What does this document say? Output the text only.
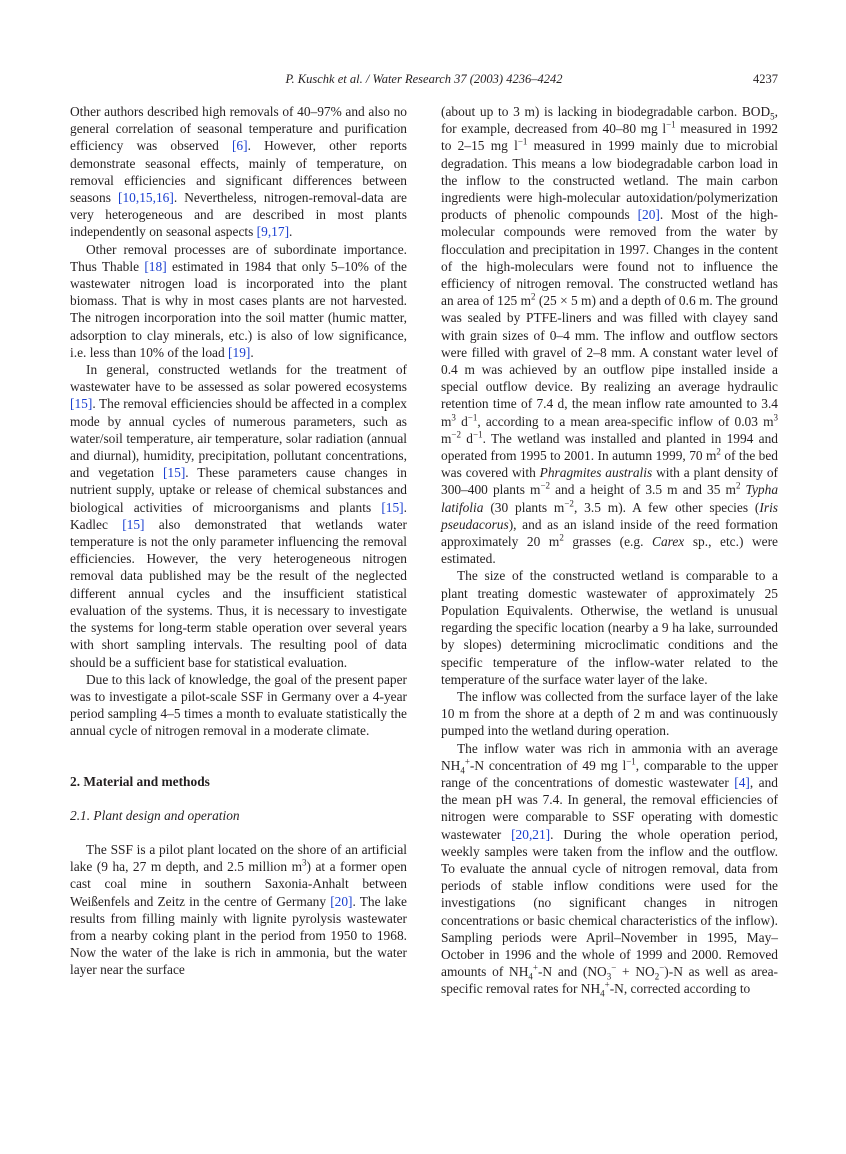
P. Kuschk et al. / Water Research 37 (2003) 4236–4242	4237

Other authors described high removals of 40–97% and also no general correlation of seasonal temperature and purification efficiency was observed [6]. However, other reports demonstrate seasonal effects, mainly of temperature, on removal efficiencies and significant differences between seasons [10,15,16]. Nevertheless, nitrogen-removal-data are very heterogeneous and are described in most plants independently on seasonal aspects [9,17].

Other removal processes are of subordinate importance. Thus Thable [18] estimated in 1984 that only 5–10% of the wastewater nitrogen load is incorporated into the plant biomass. That is why in most cases plants are not harvested. The nitrogen incorporation into the soil matter (humic matter, adsorption to clay minerals, etc.) is also of low significance, i.e. less than 10% of the load [19].

In general, constructed wetlands for the treatment of wastewater have to be assessed as solar powered ecosystems [15]. The removal efficiencies should be affected in a complex mode by annual cycles of numerous parameters, such as water/soil temperature, air temperature, solar radiation (annual and diurnal), humidity, precipitation, pollutant concentrations, and vegetation [15]. These parameters cause changes in nutrient supply, uptake or release of chemical substances and biological activities of microorganisms and plants [15]. Kadlec [15] also demonstrated that wetlands water temperature is not the only parameter influencing the removal efficiencies. However, the very heterogeneous nitrogen removal data published may be the result of the neglected different annual cycles and the insufficient statistical evaluation of the systems. Thus, it is necessary to investigate the systems for long-term stable operation over several years with short sampling intervals. The resulting pool of data should be a sufficient base for statistical evaluation.

Due to this lack of knowledge, the goal of the present paper was to investigate a pilot-scale SSF in Germany over a 4-year period sampling 4–5 times a month to evaluate statistically the annual cycle of nitrogen removal in a moderate climate.

2. Material and methods

2.1. Plant design and operation

The SSF is a pilot plant located on the shore of an artificial lake (9 ha, 27 m depth, and 2.5 million $m^3$) at a former open cast coal mine in southern Saxonia-Anhalt between Weißenfels and Zeitz in the centre of Germany [20]. The lake results from filling mainly with lignite pyrolysis wastewater from a nearby coking plant in the period from 1950 to 1968. Now the water of the lake is rich in ammonia, but the water layer near the surface

(about up to 3 m) is lacking in biodegradable carbon. $BOD_5$, for example, decreased from 40–80 mg $l^{-1}$ measured in 1992 to 2–15 mg $l^{-1}$ measured in 1999 mainly due to microbial degradation. This means a low biodegradable carbon load in the inflow to the constructed wetland. The main carbon ingredients were high-molecular autoxidation/polymerization products of phenolic compounds [20]. Most of the high-molecular compounds were removed from the water by flocculation and precipitation in 1997. Changes in the content of the high-moleculars were found not to influence the efficiency of nitrogen removal. The constructed wetland has an area of 125 $m^2$ (25 × 5 m) and a depth of 0.6 m. The ground was sealed by PTFE-liners and was filled with clayey sand with grain sizes of 0–4 mm. The inflow and outflow sectors were filled with gravel of 2–8 mm. A constant water level of 0.4 m was achieved by an outflow pipe installed inside a special outflow device. By realizing an average hydraulic retention time of 7.4 d, the mean inflow rate amounted to 3.4 $m^3$ $d^{-1}$, according to a mean area-specific inflow of 0.03 $m^3$ $m^{-2}$ $d^{-1}$. The wetland was installed and planted in 1994 and operated from 1995 to 2001. In autumn 1999, 70 $m^2$ of the bed was covered with Phragmites australis with a plant density of 300–400 plants $m^{-2}$ and a height of 3.5 m and 35 $m^2$ Typha latifolia (30 plants $m^{-2}$, 3.5 m). A few other species (Iris pseudacorus), and as an island inside of the reed formation approximately 20 $m^2$ grasses (e.g. Carex sp., etc.) were estimated.

The size of the constructed wetland is comparable to a plant treating domestic wastewater of approximately 25 Population Equivalents. Otherwise, the wetland is unusual regarding the specific location (nearby a 9 ha lake, surrounded by slopes) determining microclimatic conditions and the specific temperature of the inflow-water related to the temperature of the surface water layer of the lake.

The inflow was collected from the surface layer of the lake 10 m from the shore at a depth of 2 m and was continuously pumped into the wetland during operation.

The inflow water was rich in ammonia with an average $NH_4^+-N$ concentration of 49 mg $l^{-1}$, comparable to the upper range of the concentrations of domestic wastewater [4], and the mean pH was 7.4. In general, the removal efficiencies of nitrogen were comparable to SSF operating with domestic wastewater [20,21]. During the whole operation period, weekly samples were taken from the inflow and the outflow. To evaluate the annual cycle of nitrogen removal, data from periods of stable inflow conditions were used for the investigations (no significant changes in nitrogen concentrations or basic chemical characteristics of the inflow). Sampling periods were April–November in 1995, May–October in 1996 and the whole of 1999 and 2000. Removed amounts of $NH_4^+-N$ and $(NO_3^- + NO_2^-)-N$ as well as area-specific removal rates for $NH_4^+-N$, corrected according to
